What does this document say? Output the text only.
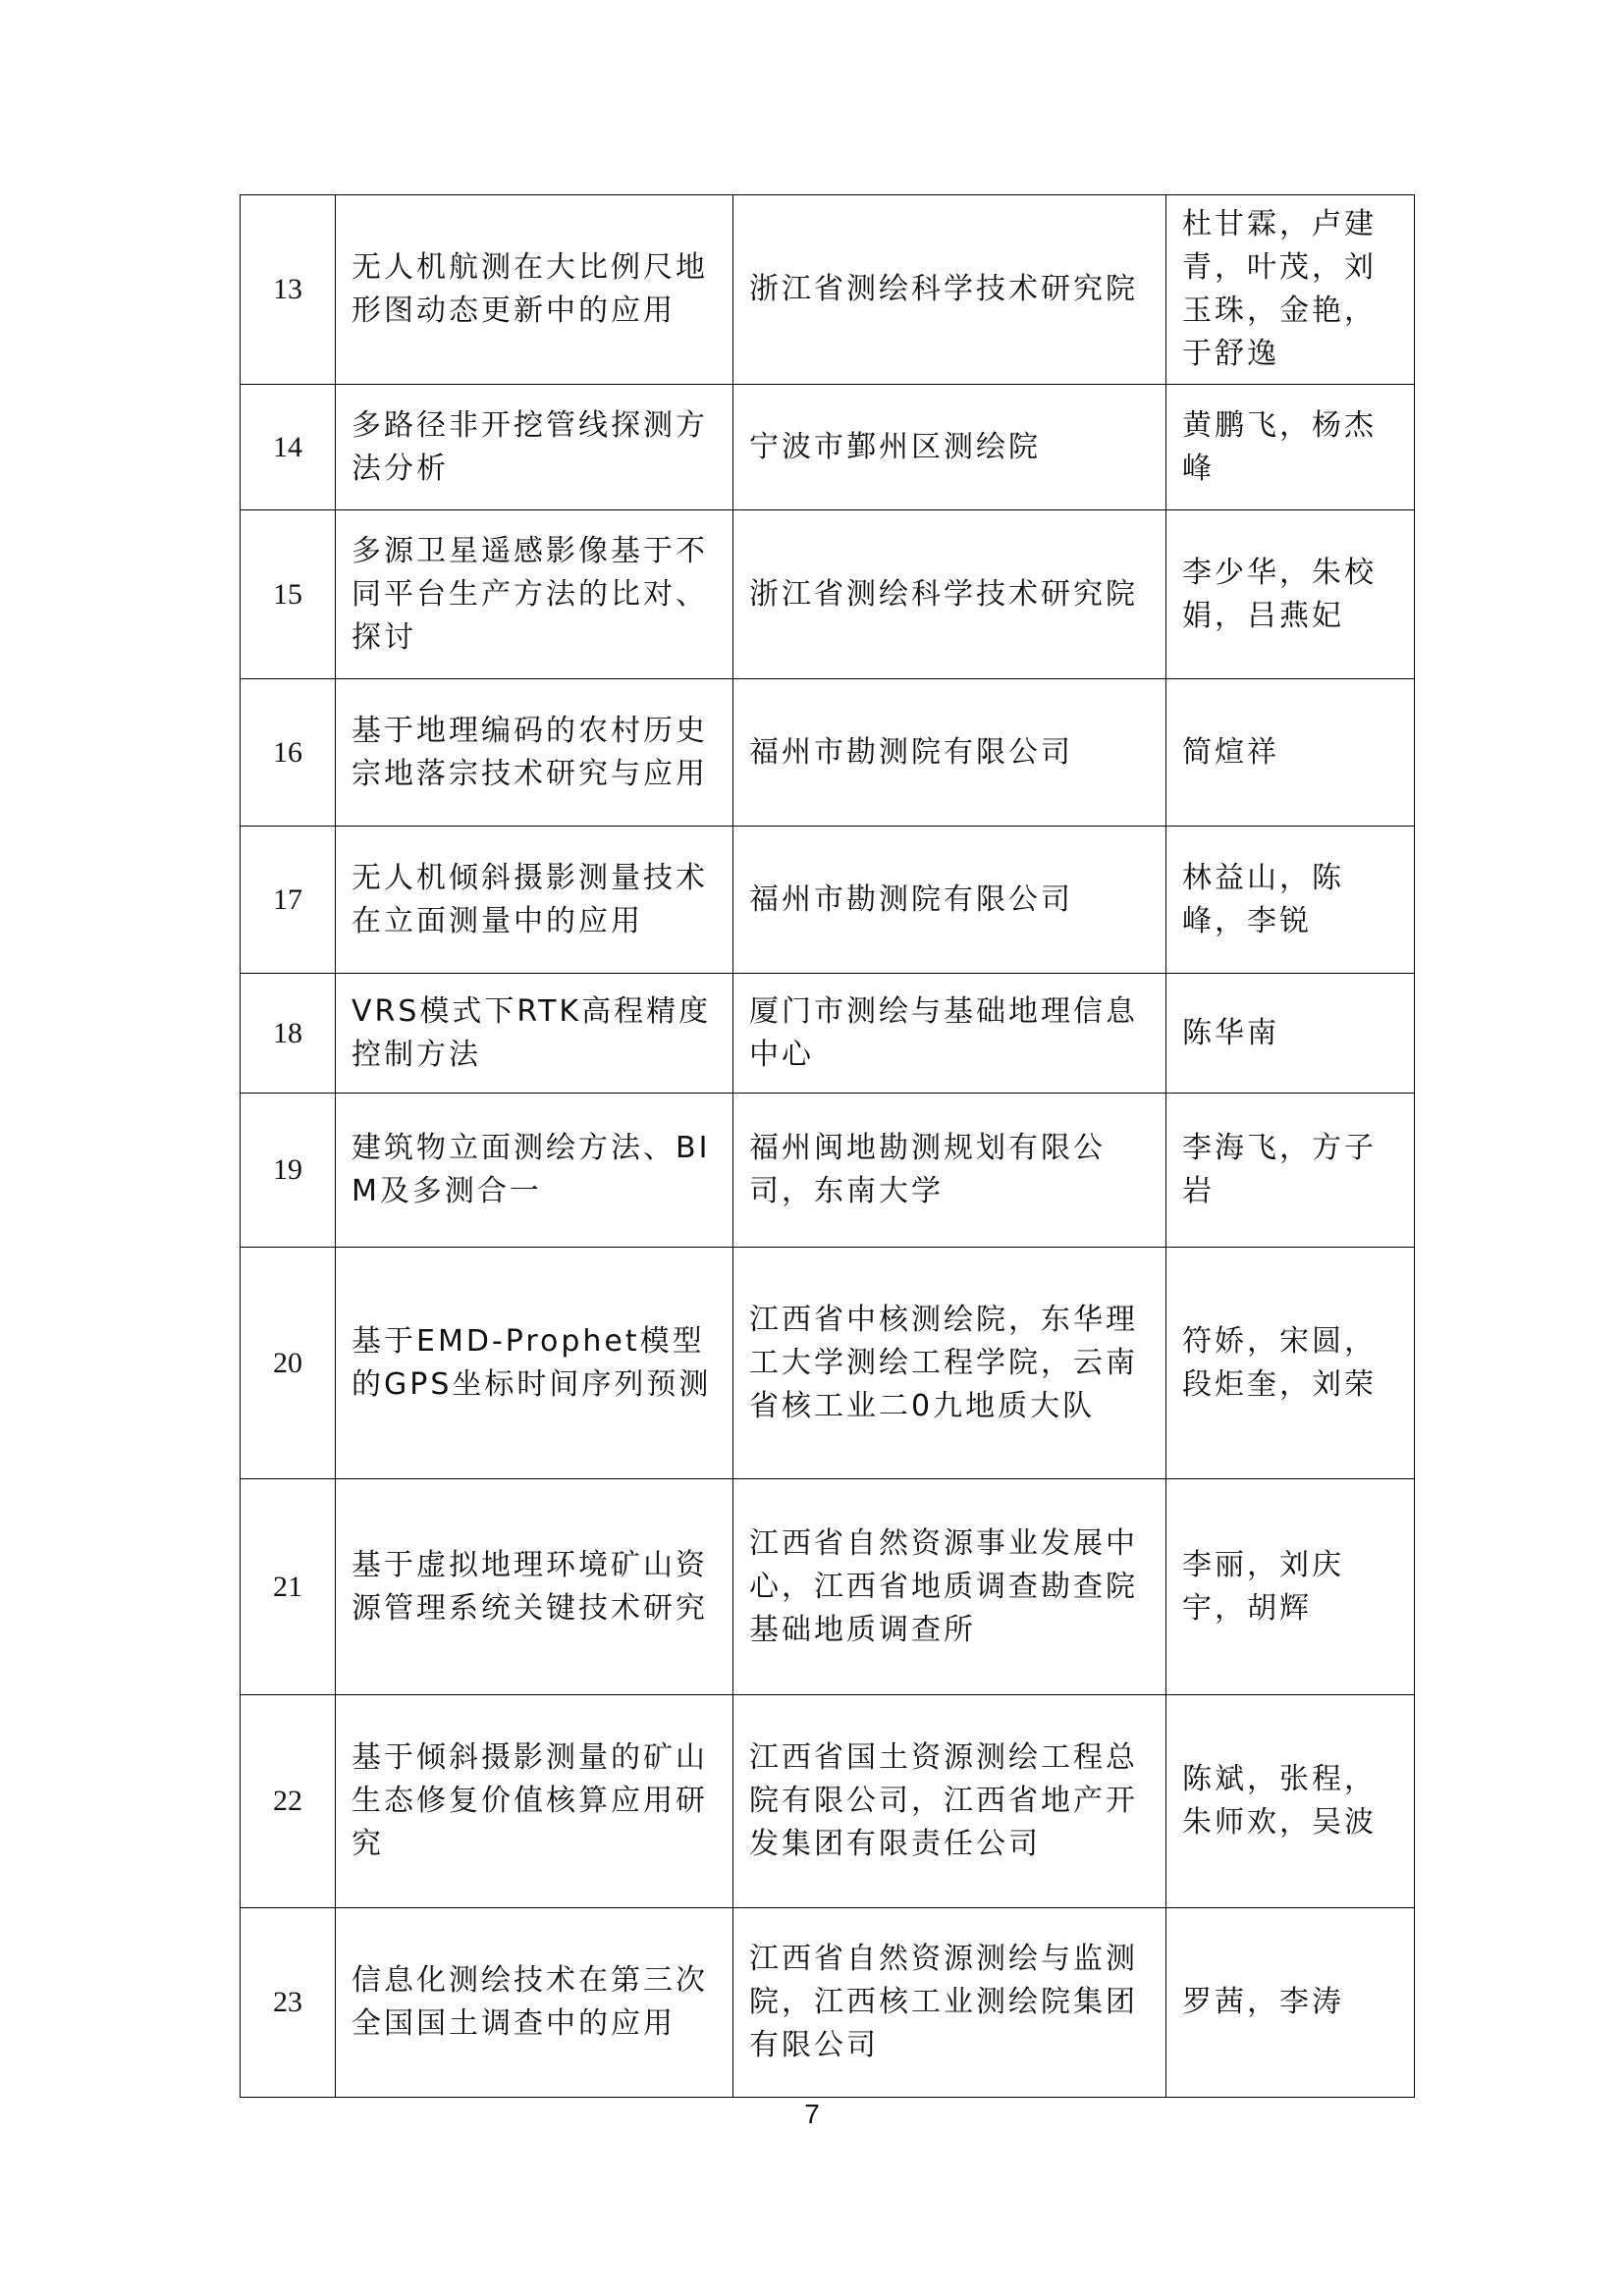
13	无人机航测在大比例尺地形图动态更新中的应用	浙江省测绘科学技术研究院	杜甘霖，卢建青，叶茂，刘玉珠，金艳，于舒逸
14	多路径非开挖管线探测方法分析	宁波市鄞州区测绘院	黄鹏飞，杨杰峰
15	多源卫星遥感影像基于不同平台生产方法的比对、探讨	浙江省测绘科学技术研究院	李少华，朱校娟，吕燕妃
16	基于地理编码的农村历史宗地落宗技术研究与应用	福州市勘测院有限公司	简煊祥
17	无人机倾斜摄影测量技术在立面测量中的应用	福州市勘测院有限公司	林益山，陈峰，李锐
18	VRS模式下RTK高程精度控制方法	厦门市测绘与基础地理信息中心	陈华南
19	建筑物立面测绘方法、BIM及多测合一	福州闽地勘测规划有限公司，东南大学	李海飞，方子岩
20	基于EMD-Prophet模型的GPS坐标时间序列预测	江西省中核测绘院，东华理工大学测绘工程学院，云南省核工业二0九地质大队	符娇，宋圆，段炬奎，刘荣
21	基于虚拟地理环境矿山资源管理系统关键技术研究	江西省自然资源事业发展中心，江西省地质调查勘查院基础地质调查所	李丽，刘庆宇，胡辉
22	基于倾斜摄影测量的矿山生态修复价值核算应用研究	江西省国土资源测绘工程总院有限公司，江西省地产开发集团有限责任公司	陈斌，张程，朱师欢，吴波
23	信息化测绘技术在第三次全国国土调查中的应用	江西省自然资源测绘与监测院，江西核工业测绘院集团有限公司	罗茜，李涛
7
